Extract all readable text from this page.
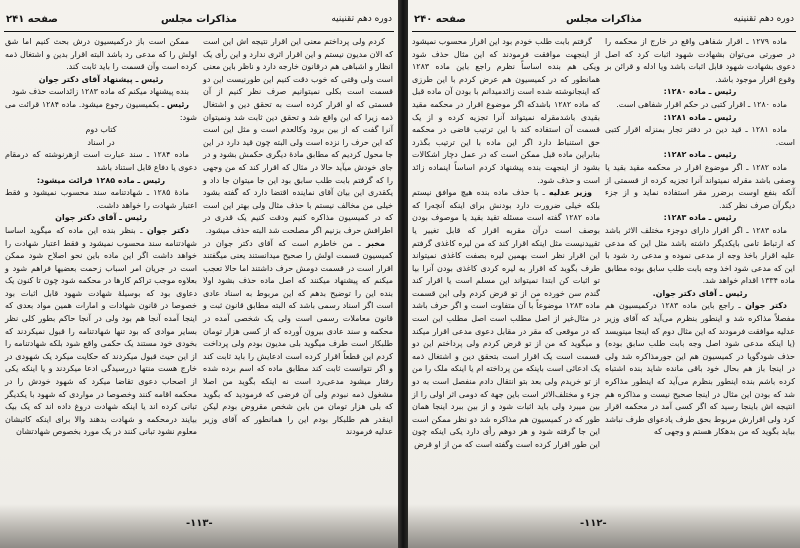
دوره دهم تقنینیه
مذاکرات مجلس
صفحه ۲۴۱

کردم ولی پرداختم معنی این اقرار نتیجه اش این است که الان مدیون نیستم و این اقرار اثری ندارد و این رأی یک انظار و اشباهی هم درقانون خارجه دارد و ناظر باین معنی است ولی وقتی که خوب دقت کنیم این طورنیست این دو قسمت است بکلی نمیتوانیم صرف نظر کنیم از آن قسمتی که او اقرار کرده است به تحقق دین و اشتغال ذمه زیرا که این واقع شد و تحقق دین ثابت شد ونمیتوان آنرا گفت که از بین برود وکالعدم است و مثل این است که این حرف را نزده است ولی البته چون قید دارد در این جا محول کردیم که مطابق مادهٔ دیگری حکمش بشود و در جای خودش میآید حالا در مثال که اقرار کند که من وجهی را که گرفتم بابت طلب سابق بود این جا میتوان جا داد و یکقدری این بیان آقای نماینده اقتضا دارد که گفته بشود خیلی من مخالف نیستم با حذف مثال ولی بهتر این است که در کمیسیون مذاکره کنیم ودقت کنیم یک قدری در اطرافش حرف بزنیم اگر مصلحت شد البته حذف میشود.

مخبر ـ من خاطرم است که آقای دکتر جوان در کمیسیون قسمت اولش را صحیح میدانستند یعنی میگفتند اقرار است در قسمت دومش حرف داشتند اما حالا تعجب میکنم که پیشنهاد میکنند که اصل ماده حذف بشود اولا بنده این را توضیح بدهم که این مربوط به اسناد عادی است اگر اسناد رسمی باشد که البته مطابق قانون ثبت و قانون معاملات رسمی است ولی یک شخصی آمده در محکمه و سند عادی بیرون آورده که از کسی هزار تومان طلبکار است طرف میگوید بلی مدیون بودم ولی پرداخت کردم این قطعاً اقرار کرده است ادعایش را باید ثابت کند و اگر نتوانست ثابت کند مطابق ماده که اسم برده شده رفتار میشود مدعی‌رد است نه اینکه بگوید من اصلا مشغول ذمه نبودم ولی آن فرضی که فرمودید که بگوید که بلی هزار تومان من باین شخص مقروض بودم لیکن اینقدر هم طلبکار بودم این را همانطور که آقای وزیر عدلیه فرمودند

ممکن است باز درکمیسیون درش بحث کنیم اما شق اولش را که مدعی رد باشد البته اقرار بدین و اشتغال ذمه کرده است وآن قسمت را باید ثابت کند.

رئیس ـ پیشنهاد آقای دکتر جوان

بنده پیشنهاد میکنم که ماده ۱۲۸۳ زائداست حذف شود

رئیس ـ بکمیسیون رجوع میشود. ماده ۱۲۸۴ قرائت می شود:

کتاب دوم

در اسناد

ماده ۱۲۸۴ ـ سند عبارت است ازهرنوشته که درمقام دعوی یا دفاع قابل استناد باشد

رئیس ـ ماده ۱۲۸۵ قرائت میشود:

مادهٔ ۱۲۸۵ ـ شهادتنامه سند محسوب نمیشود و فقط اعتبار شهادت را خواهد داشت.

رئیس ـ آقای دکتر جوان

دکتر جوان ـ بنظر بنده این ماده که میگوید اساسا شهادتنامه سند محسوب نمیشود و فقط اعتبار شهادت را خواهد داشت اگر این ماده باین نحو اصلاح شود ممکن است در جریان امر اسباب زحمت بعضیها فراهم شود و بعلاوه موجب تراکم کارها در محکمه شود چون تا کنون یک دعاوی بود که بوسیلهٔ شهادت شهود قابل اثبات بود خصوصا در قانون شهادات و امارات همین مواد بعدی که اینجا آمده آنجا هم بود ولی در آنجا حاکم بطور کلی نظر بسایر موادی که بود تنها شهادتنامه را قبول نمیکردند که بخودی خود مستند یک حکمی واقع شود بلکه شهادتنامه را از این حیث قبول میکردند که حکایت میکرد یک شهودی در خارج هست منتها دررسیدگی ادعا میکردند و یا اینکه یکی از اصحاب دعوی تقاضا میکرد که شهود خودش را در محکمه اقامه کنند وخصوصا در مواردی که شهود با یکدیگر تبانی کرده اند یا اینکه شهادت دروغ داده اند که یک بیک بیایند درمحکمه و شهادت بدهند والا برای اینکه کاتبشان معلوم نشود تبانی کنند در یک مورد بخصوص شهادتشان

-۱۱۳-
دوره دهم تقنینیه
مذاکرات مجلس
صفحه ۲۴۰

ماده ۱۲۷۹ ـ اقرار شفاهی واقع در خارج از محکمه را در صورتی می‌توان بشهادت شهود اثبات کرد که اصل دعوی بشهادت شهود قابل اثبات باشد ویا ادله و قرائن بر وقوع اقرار موجود باشد.

رئیس ـ ماده ۱۲۸۰:

ماده ۱۲۸۰ ـ اقرار کتبی در حکم اقرار شفاهی است.

رئیس ـ ماده ۱۲۸۱:

ماده ۱۲۸۱ ـ قید دین در دفتر تجار بمنزله اقرار کتبی است.

رئیس ـ ماده ۱۲۸۲:

ماده ۱۲۸۲ ـ اگر موضوع اقرار در محکمه مقید بقید یا وصفی باشد مقرله نمیتواند آنرا تجزیه کرده از قسمتی از آنکه بنفع اوست برضرر مقر استفاده نماید و از جزء دیگرآن صرف نظر کند.

رئیس ـ ماده ۱۲۸۳:

ماده ۱۲۸۳ ـ اگر اقرار دارای دوجزء مختلف الاثر باشد که ارتباط تامی بایکدیگر داشته باشد مثل این که مدعی علیه اقرار باخذ وجه از مدعی نموده و مدعی رد شود با این که مدعی شود اخذ وجه بابت طلب سابق بوده مطابق ماده ۱۳۳۴ اقدام خواهد شد.

رئیس ـ آقای دکتر جوان.

دکتر جوان ـ راجع باین ماده ۱۲۸۳ درکمیسیون هم مفصلاً مذاکره شد و اینطور بنظرم می‌آید که آقای وزیر عدلیه موافقت فرمودند که این مثال دوم که اینجا مینویسد (یا اینکه مدعی شود اصل وجه بابت طلب سابق بوده) حذف شودگویا در کمیسیون هم این جورمذاکره شد ولی در اینجا باز هم بحال خود باقی مانده شاید بنده اشتباه کرده باشم بنده اینطور بنظرم می‌آید که اینطور مذاکره شد که بودن این مثال در اینجا صحیح نیست و مذاکره هم انتیجه اش باینجا رسید که اگر کسی آمد در محکمه اقرار کرد ولی اقرارش مربوط بحق طرف یادعوای طرف نباشد بباید بگوید که من بدهکار هستم و وجهی که

گرفتم بابت طلب خودم بود این اقرار محسوب نمیشود از اینجهت موافقت فرمودند که این مثال حذف شود ویکی هم بنده اساساً نظرم راجع باین ماده ۱۲۸۳ همانطور که در کمیسیون هم عرض کردم با این طرزی که اینجانوشته شده است زائدمیدانم با بودن آن ماده قبل که ماده ۱۲۸۲ باشدکه اگر موضوع اقرار در محکمه مقید بقیدی باشدمقرله نمیتواند آنرا تجزیه کرده و از یک قسمت آن استفاده کند با این ترتیب قاضی در محکمه حق استنباط دارد اگر این ماده با این ترتیب بگذرد بنابراین ماده قبل ممکن است که در عمل دچار اشکالات بشود از اینجهت بنده پیشنهاد کردم اساساً اینماده زائد است و حذف شود.

وزیر عدلیه ـ با حذف ماده بنده هیچ موافق نیستم بلکه خیلی ضرورت دارد بودنش برای اینکه آنچه‌را که ماده ۱۲۸۲ گفته است مسئله تقید بقید یا موصوف بودن بوصف است درآن مقربه اقرار که قابل تغییر یا تقییدنیست مثل اینکه اقرار کند که من لیره کاغذی گرفتم این اقرار نظر است بهمین لیره بصفت کاغذی نمیتواند طرف بگوید که اقرار به لیره کردی کاغذی بودن آنرا بیا تو اثبات کن ابتدا نمیتواند این مسلم است یا اقرار کند گندم سن خورده من از تو قرض کردم ولی این قسمت ماده ۱۲۸۳ موضوعاً با آن متفاوت است و اگر حرف باشد در مثال‌غیر از اصل مطلب است اصل مطلب این است که در موقعی که مقر در مقابل دعوی مدعی اقرار میکند و میگوید که من از تو قرض کردم ولی پرداختم این دو قسمت است یک اقرار است بتحقق دین و اشتغال ذمه یک ادعائی است باینکه من پرداخته ام یا اینکه ملک را من از تو خریدم ولی بعد بتو انتقال دادم منفصل است به دو جزء و مختلف‌الاثر است باین جهة که دومی اثر اولی را از بین میبرد ولی باید اثبات شود و از بین ببرد اینجا همان طور که در کمیسیون هم مذاکره شد دو نظر ممکن است این جا گرفته شود و هر دوهم رأی دارد یکی اینکه چون این طور اقرار کرده است وگفته است که من از او قرض

-۱۱۲-
